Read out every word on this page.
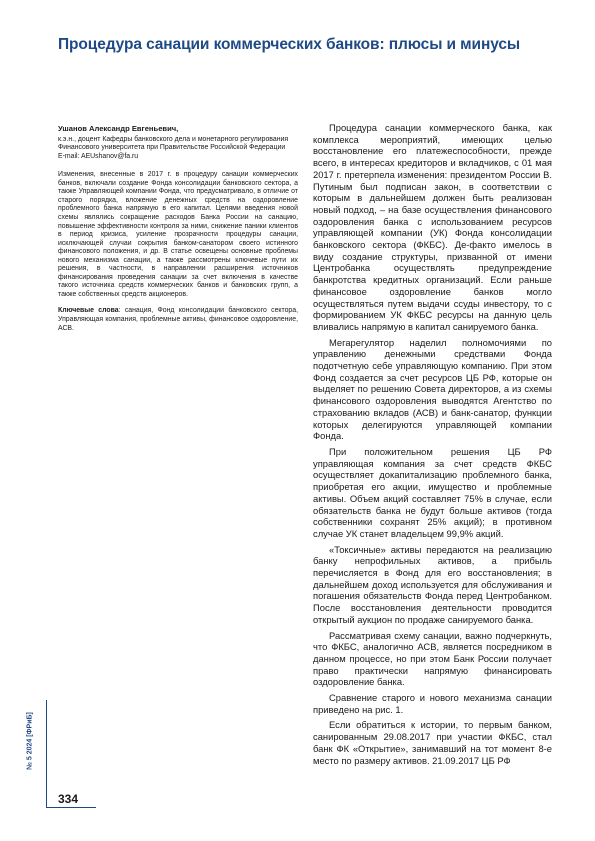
Процедура санации коммерческих банков: плюсы и минусы

Ушанов Александр Евгеньевич,

к.э.н., доцент Кафедры банковского дела и монетарного регулирования Финансового университета при Правительстве Российской Федерации

E-mail: AEUshanov@fa.ru

Изменения, внесенные в 2017 г. в процедуру санации коммерческих банков, включали создание Фонда консолидации банковского сектора, а также Управляющей компании Фонда, что предусматривало, в отличие от старого порядка, вложение денежных средств на оздоровление проблемного банка напрямую в его капитал. Целями введения новой схемы являлись сокращение расходов Банка России на санацию, повышение эффективности контроля за ними, снижение паники клиентов в период кризиса, усиление прозрачности процедуры санации, исключающей случаи сокрытия банком-санатором своего истинного финансового положения, и др. В статье освещены основные проблемы нового механизма санации, а также рассмотрены ключевые пути их решения, в частности, в направлении расширения источников финансирования проведения санации за счет включения в качестве такого источника средств коммерческих банков и банковских групп, а также собственных средств акционеров.

Ключевые слова: санация, Фонд консолидации банковского сектора, Управляющая компания, проблемные активы, финансовое оздоровление, АСВ.

Процедура санации коммерческого банка, как комплекса мероприятий, имеющих целью восстановление его платежеспособности, прежде всего, в интересах кредиторов и вкладчиков, с 01 мая 2017 г. претерпела изменения: президентом России В. Путиным был подписан закон, в соответствии с которым в дальнейшем должен быть реализован новый подход, – на базе осуществления финансового оздоровления банка с использованием ресурсов управляющей компании (УК) Фонда консолидации банковского сектора (ФКБС). Де-факто имелось в виду создание структуры, призванной от имени Центробанка осуществлять предупреждение банкротства кредитных организаций. Если раньше финансовое оздоровление банков могло осуществляться путем выдачи ссуды инвестору, то с формированием УК ФКБС ресурсы на данную цель вливались напрямую в капитал санируемого банка.

Мегарегулятор наделил полномочиями по управлению денежными средствами Фонда подотчетную себе управляющую компанию. При этом Фонд создается за счет ресурсов ЦБ РФ, которые он выделяет по решению Совета директоров, а из схемы финансового оздоровления выводятся Агентство по страхованию вкладов (АСВ) и банк-санатор, функции которых делегируются управляющей компании Фонда.

При положительном решения ЦБ РФ управляющая компания за счет средств ФКБС осуществляет докапитализацию проблемного банка, приобретая его акции, имущество и проблемные активы. Объем акций составляет 75% в случае, если обязательств банка не будут больше активов (тогда собственники сохранят 25% акций); в противном случае УК станет владельцем 99,9% акций.

«Токсичные» активы передаются на реализацию банку непрофильных активов, а прибыль перечисляется в Фонд для его восстановления; в дальнейшем доход используется для обслуживания и погашения обязательств Фонда перед Центробанком. После восстановления деятельности проводится открытый аукцион по продаже санируемого банка.

Рассматривая схему санации, важно подчеркнуть, что ФКБС, аналогично АСВ, является посредником в данном процессе, но при этом Банк России получает право практически напрямую финансировать оздоровление банка.

Сравнение старого и нового механизма санации приведено на рис. 1.

Если обратиться к истории, то первым банком, санированным 29.08.2017 при участии ФКБС, стал банк ФК «Открытие», занимавший на тот момент 8-е место по размеру активов. 21.09.2017 ЦБ РФ

№ 5 2024 [ФРиБ]
334
